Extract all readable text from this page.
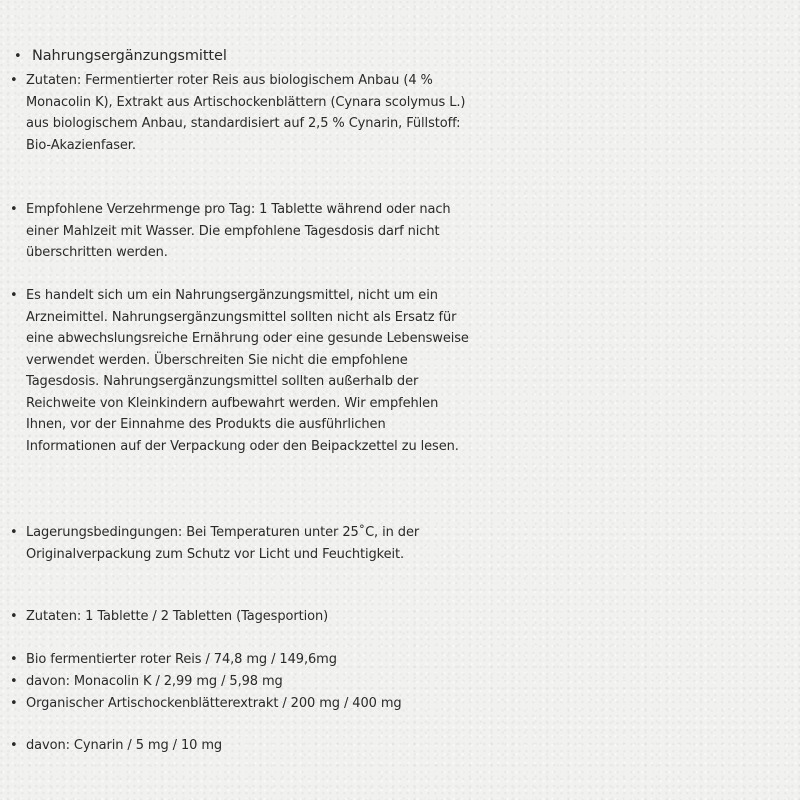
• Nahrungsergänzungsmittel

• Zutaten: Fermentierter roter Reis aus biologischem Anbau (4 % Monacolin K), Extrakt aus Artischockenblättern (Cynara scolymus L.) aus biologischem Anbau, standardisiert auf 2,5 % Cynarin, Füllstoff: Bio-Akazienfaser.

• Empfohlene Verzehrmenge pro Tag: 1 Tablette während oder nach einer Mahlzeit mit Wasser. Die empfohlene Tagesdosis darf nicht überschritten werden.

• Es handelt sich um ein Nahrungsergänzungsmittel, nicht um ein Arzneimittel. Nahrungsergänzungsmittel sollten nicht als Ersatz für eine abwechslungsreiche Ernährung oder eine gesunde Lebensweise verwendet werden. Überschreiten Sie nicht die empfohlene Tagesdosis. Nahrungsergänzungsmittel sollten außerhalb der Reichweite von Kleinkindern aufbewahrt werden. Wir empfehlen Ihnen, vor der Einnahme des Produkts die ausführlichen Informationen auf der Verpackung oder den Beipackzettel zu lesen.

• Lagerungsbedingungen: Bei Temperaturen unter 25˚C, in der Originalverpackung zum Schutz vor Licht und Feuchtigkeit.

• Zutaten: 1 Tablette / 2 Tabletten (Tagesportion)

• Bio fermentierter roter Reis / 74,8 mg / 149,6mg

• davon: Monacolin K / 2,99 mg / 5,98 mg

• Organischer Artischockenblätterextrakt / 200 mg / 400 mg

• davon: Cynarin / 5 mg / 10 mg
